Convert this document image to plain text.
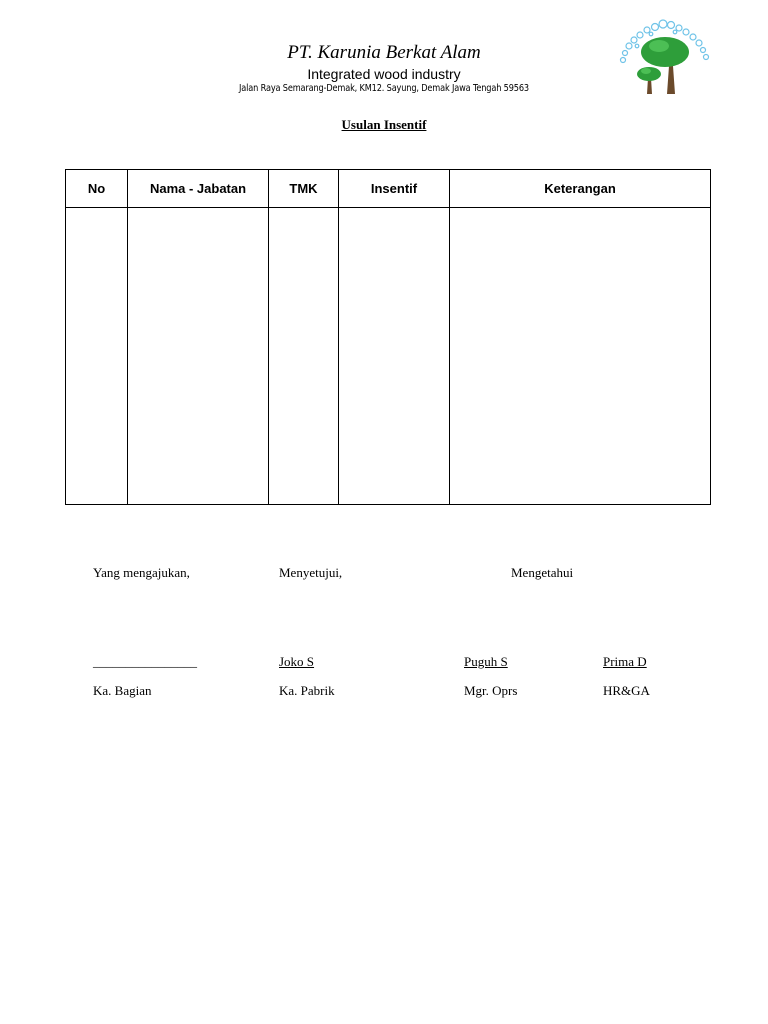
PT. Karunia Berkat Alam
Integrated wood industry
Jalan Raya Semarang-Demak, KM12. Sayung, Demak Jawa Tengah 59563
Usulan Insentif
No	Nama - Jabatan	TMK	Insentif	Keterangan

Yang mengajukan,	Menyetujui,	Mengetahui
________________	Joko S	Puguh S	Prima D
Ka. Bagian	Ka. Pabrik	Mgr. Oprs	HR&GA
